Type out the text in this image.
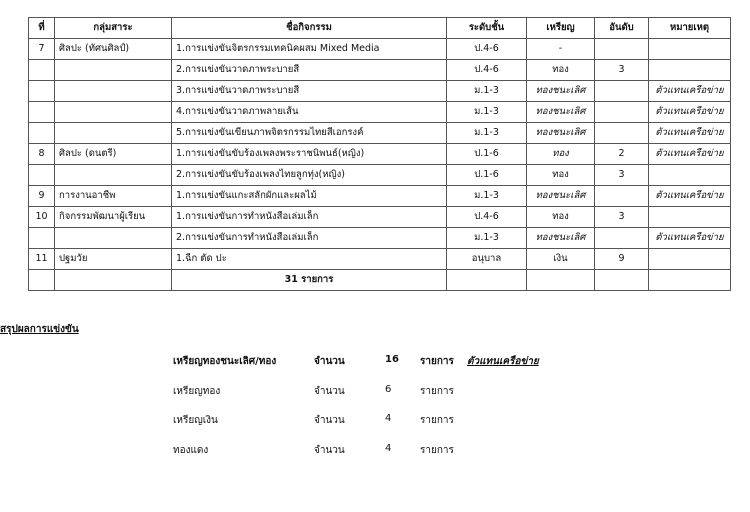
ที่	กลุ่มสาระ	ชื่อกิจกรรม	ระดับชั้น	เหรียญ	อันดับ	หมายเหตุ
7	ศิลปะ (ทัศนศิลป์)	1.การแข่งขันจิตรกรรมเทคนิคผสม Mixed Media	ป.4-6	-		
		2.การแข่งขันวาดภาพระบายสี	ป.4-6	ทอง	3	
		3.การแข่งขันวาดภาพระบายสี	ม.1-3	ทองชนะเลิศ		ตัวแทนเครือข่าย
		4.การแข่งขันวาดภาพลายเส้น	ม.1-3	ทองชนะเลิศ		ตัวแทนเครือข่าย
		5.การแข่งขันเขียนภาพจิตรกรรมไทยสีเอกรงค์	ม.1-3	ทองชนะเลิศ		ตัวแทนเครือข่าย
8	ศิลปะ (ดนตรี)	1.การแข่งขันขับร้องเพลงพระราชนิพนธ์(หญิง)	ป.1-6	ทอง	2	ตัวแทนเครือข่าย
		2.การแข่งขันขับร้องเพลงไทยลูกทุ่ง(หญิง)	ป.1-6	ทอง	3	
9	การงานอาชีพ	1.การแข่งขันแกะสลักผักและผลไม้	ม.1-3	ทองชนะเลิศ		ตัวแทนเครือข่าย
10	กิจกรรมพัฒนาผู้เรียน	1.การแข่งขันการทำหนังสือเล่มเล็ก	ป.4-6	ทอง	3	
		2.การแข่งขันการทำหนังสือเล่มเล็ก	ม.1-3	ทองชนะเลิศ		ตัวแทนเครือข่าย
11	ปฐมวัย	1.ฉีก ตัด ปะ	อนุบาล	เงิน	9	
		31 รายการ				
สรุปผลการแข่งขัน
เหรียญทองชนะเลิศ/ทอง	จำนวน	16 รายการ ตัวแทนเครือข่าย
เหรียญทอง	จำนวน	6	รายการ
เหรียญเงิน	จำนวน	4	รายการ
ทองแดง	จำนวน	4	รายการ
